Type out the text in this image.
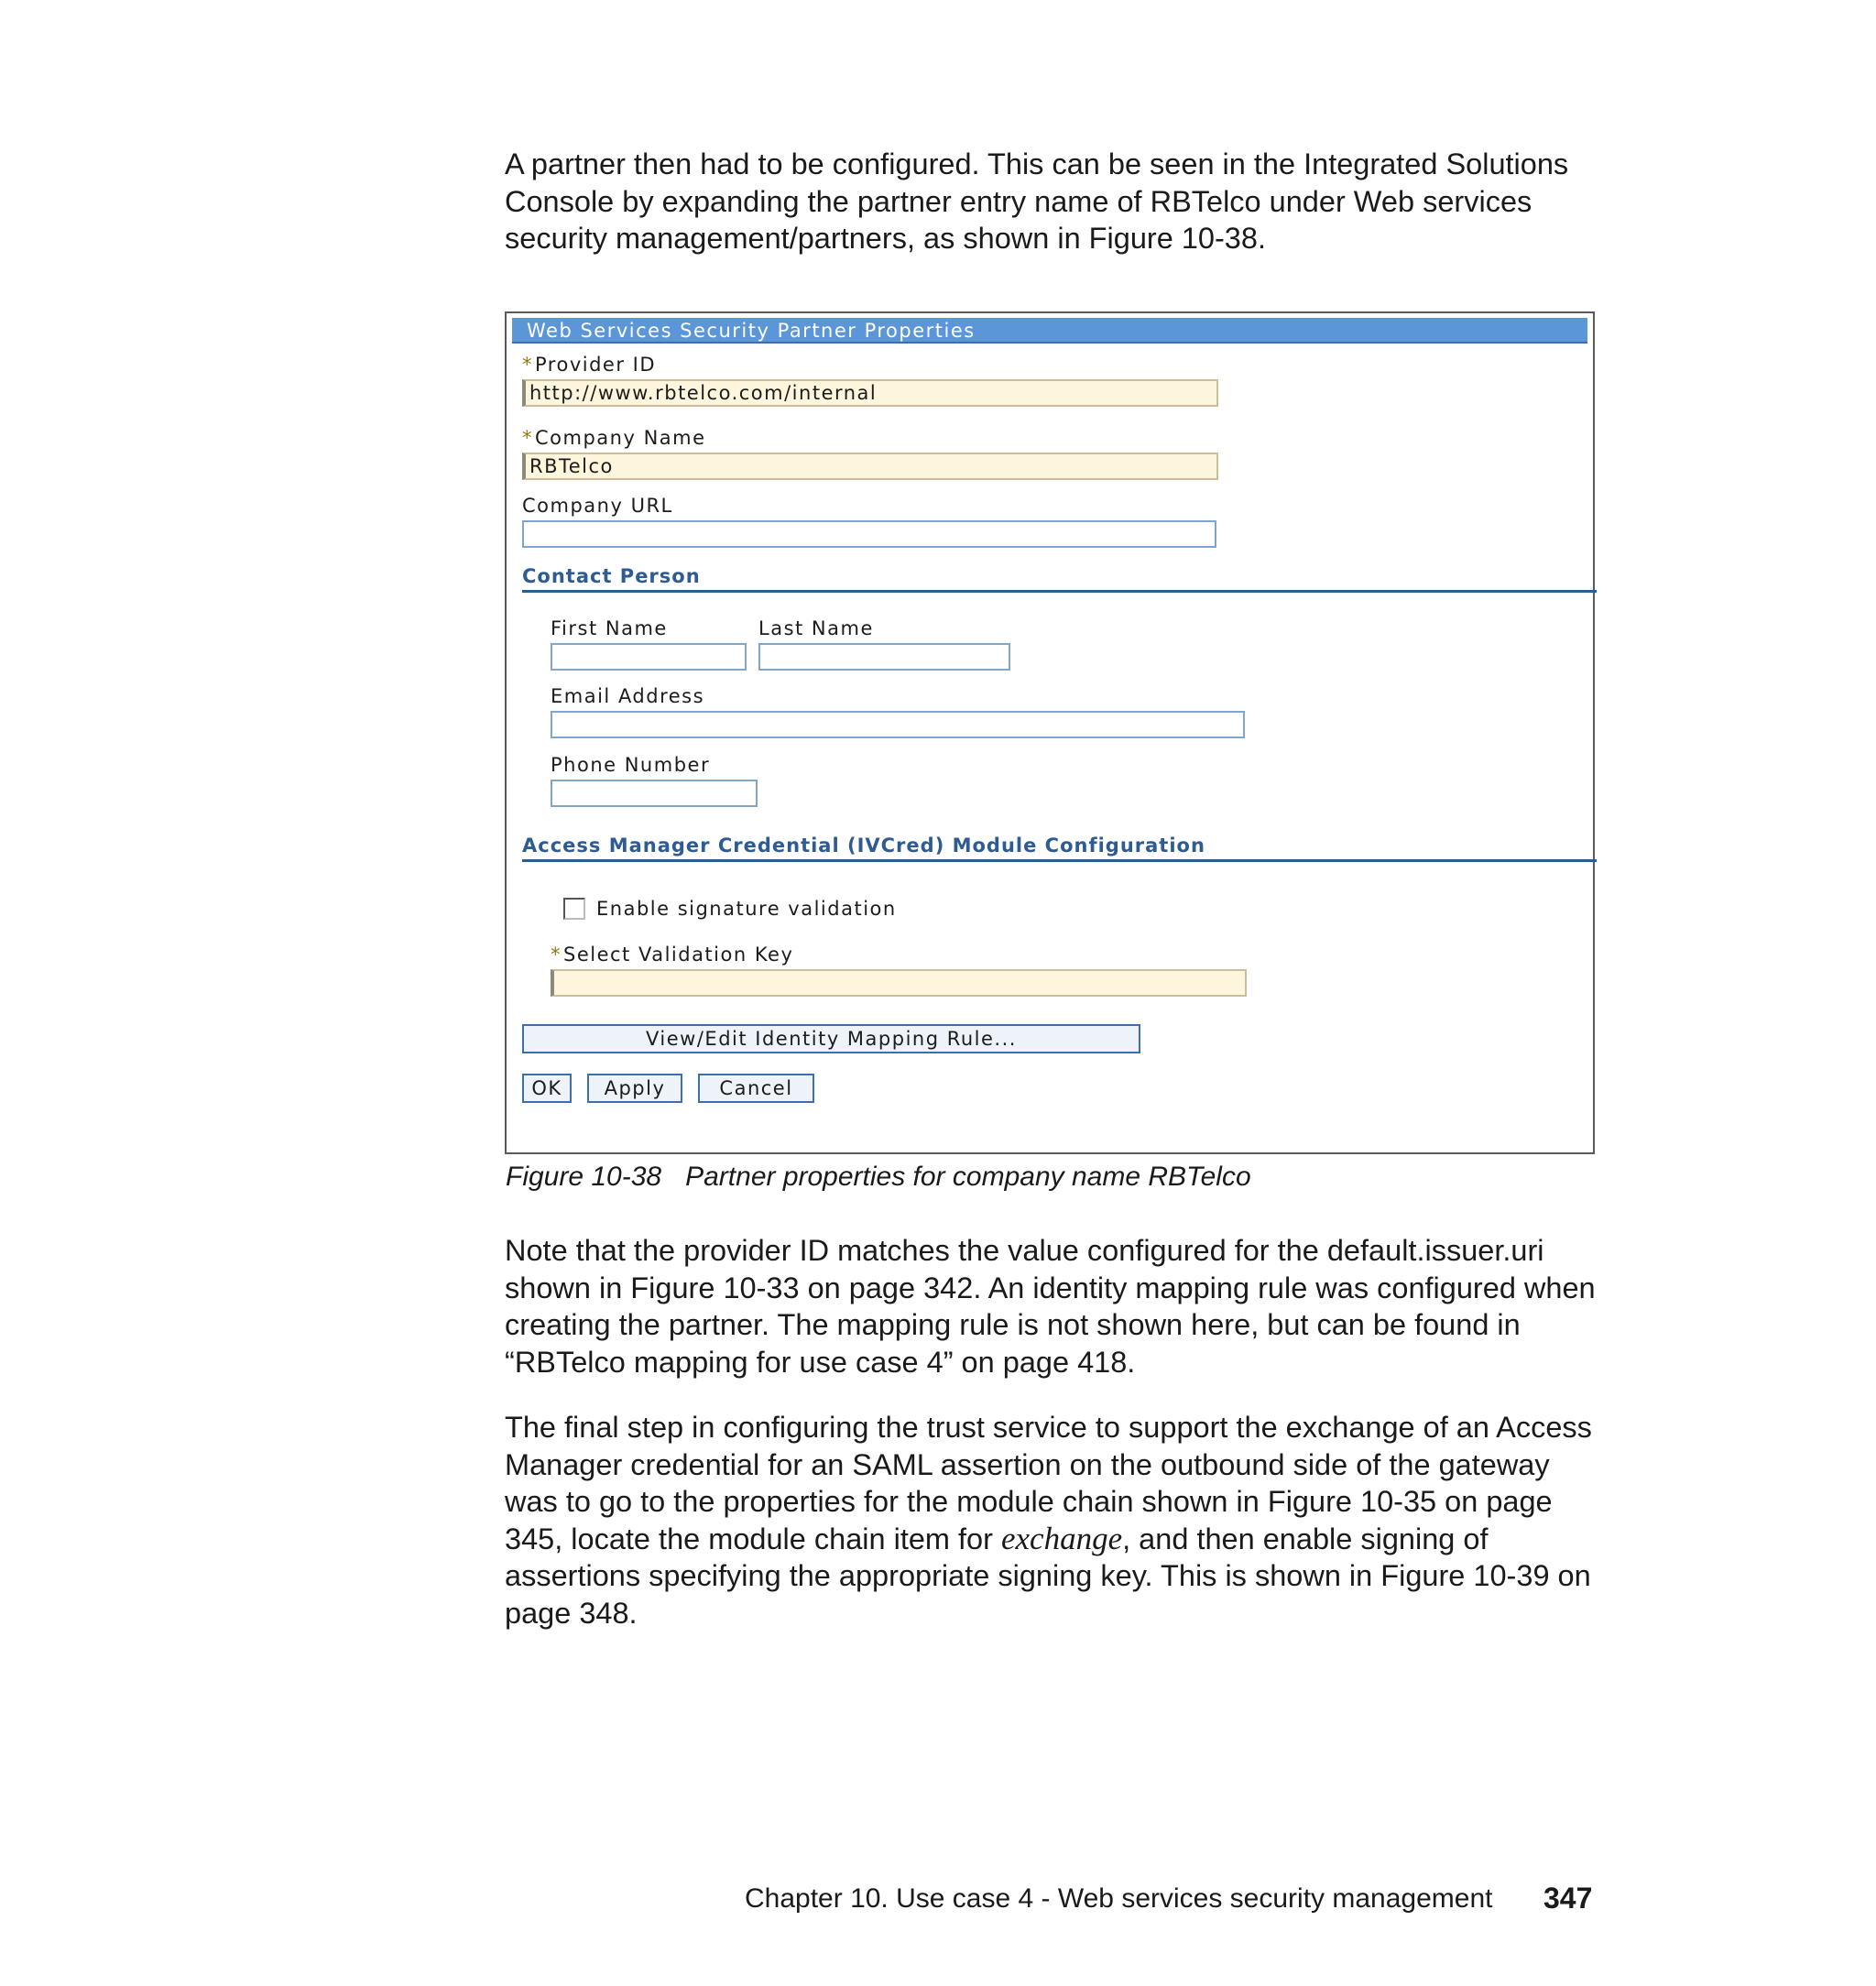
A partner then had to be configured. This can be seen in the Integrated Solutions Console by expanding the partner entry name of RBTelco under Web services security management/partners, as shown in Figure 10-38.

Web Services Security Partner Properties
*Provider ID
http://www.rbtelco.com/internal
*Company Name
RBTelco
Company URL
Contact Person
First Name	Last Name
Email Address
Phone Number
Access Manager Credential (IVCred) Module Configuration
Enable signature validation
*Select Validation Key
View/Edit Identity Mapping Rule...
OK	Apply	Cancel
Figure 10-38 Partner properties for company name RBTelco

Note that the provider ID matches the value configured for the default.issuer.uri shown in Figure 10-33 on page 342. An identity mapping rule was configured when creating the partner. The mapping rule is not shown here, but can be found in “RBTelco mapping for use case 4” on page 418.

The final step in configuring the trust service to support the exchange of an Access Manager credential for an SAML assertion on the outbound side of the gateway was to go to the properties for the module chain shown in Figure 10-35 on page 345, locate the module chain item for exchange, and then enable signing of assertions specifying the appropriate signing key. This is shown in Figure 10-39 on page 348.

Chapter 10. Use case 4 - Web services security management 347
